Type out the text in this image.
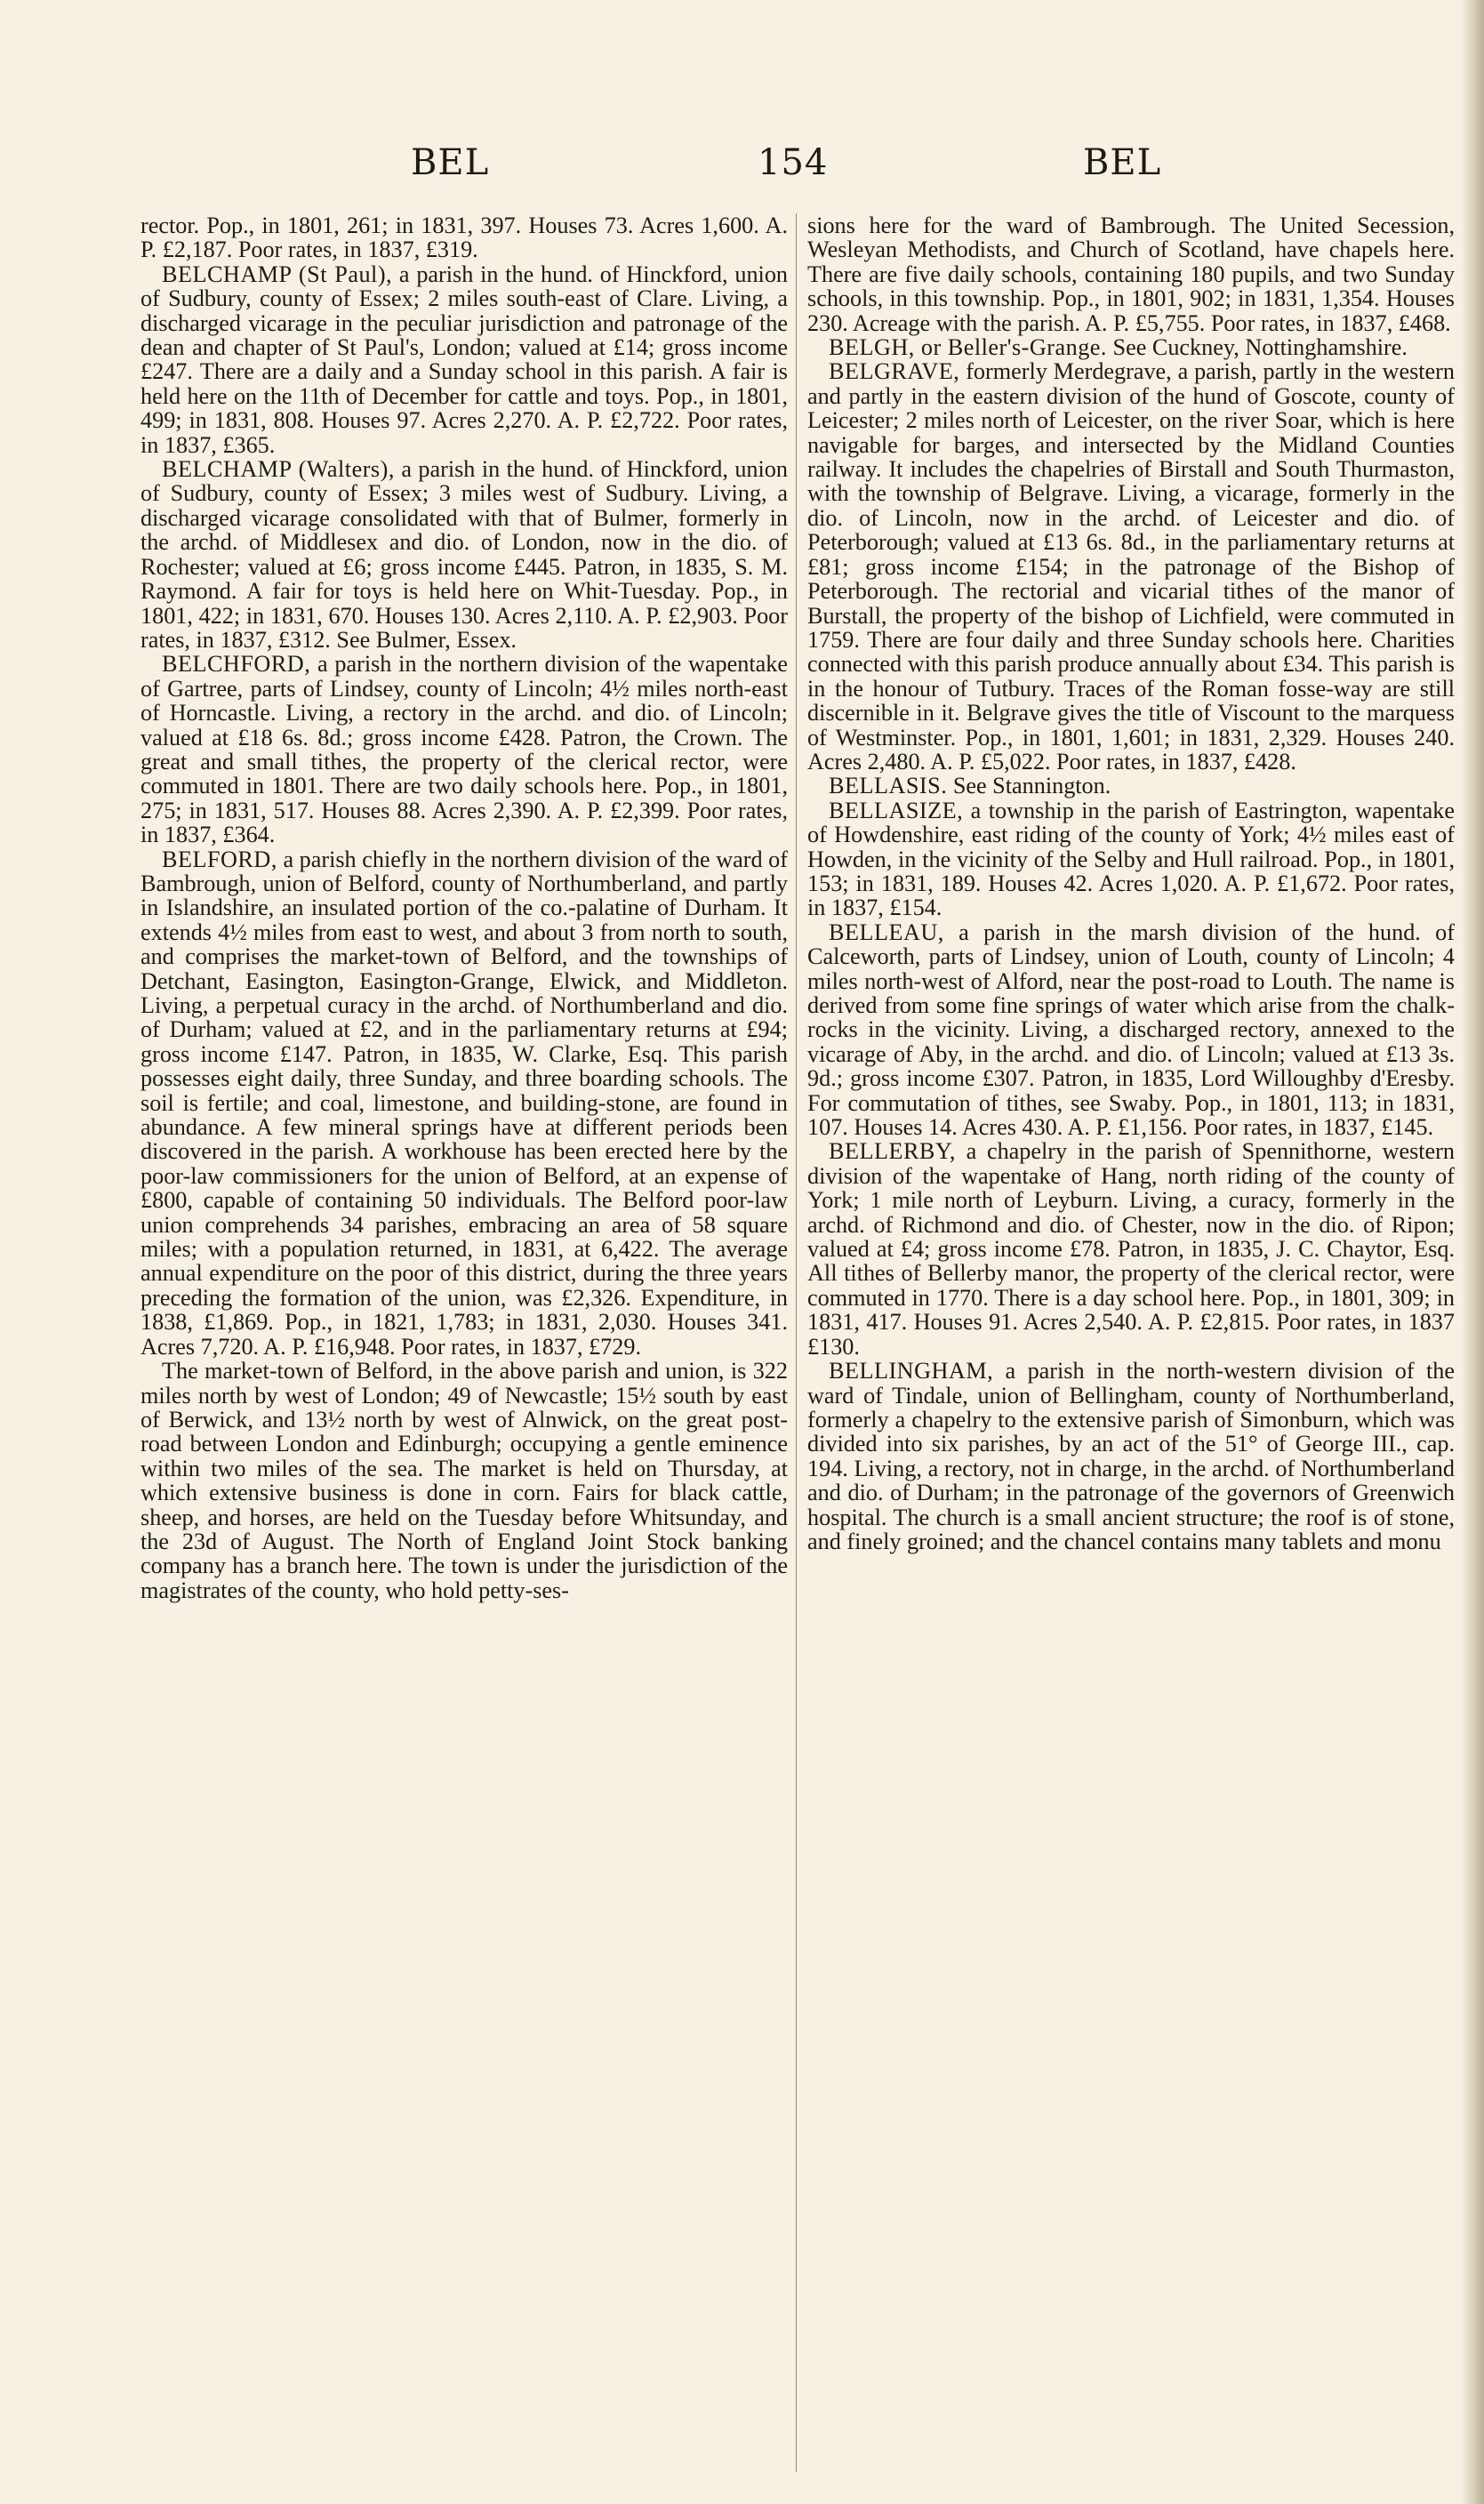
BEL	154	BEL

rector. Pop., in 1801, 261; in 1831, 397. Houses 73. Acres 1,600. A. P. £2,187. Poor rates, in 1837, £319.

BELCHAMP (St Paul), a parish in the hund. of Hinckford, union of Sudbury, county of Essex; 2 miles south-east of Clare. Living, a discharged vicarage in the peculiar jurisdiction and patronage of the dean and chapter of St Paul's, London; valued at £14; gross income £247. There are a daily and a Sunday school in this parish. A fair is held here on the 11th of December for cattle and toys. Pop., in 1801, 499; in 1831, 808. Houses 97. Acres 2,270. A. P. £2,722. Poor rates, in 1837, £365.

BELCHAMP (Walters), a parish in the hund. of Hinckford, union of Sudbury, county of Essex; 3 miles west of Sudbury. Living, a discharged vicarage consolidated with that of Bulmer, formerly in the archd. of Middlesex and dio. of London, now in the dio. of Rochester; valued at £6; gross income £445. Patron, in 1835, S. M. Raymond. A fair for toys is held here on Whit-Tuesday. Pop., in 1801, 422; in 1831, 670. Houses 130. Acres 2,110. A. P. £2,903. Poor rates, in 1837, £312. See Bulmer, Essex.

BELCHFORD, a parish in the northern division of the wapentake of Gartree, parts of Lindsey, county of Lincoln; 4½ miles north-east of Horncastle. Living, a rectory in the archd. and dio. of Lincoln; valued at £18 6s. 8d.; gross income £428. Patron, the Crown. The great and small tithes, the property of the clerical rector, were commuted in 1801. There are two daily schools here. Pop., in 1801, 275; in 1831, 517. Houses 88. Acres 2,390. A. P. £2,399. Poor rates, in 1837, £364.

BELFORD, a parish chiefly in the northern division of the ward of Bambrough, union of Belford, county of Northumberland, and partly in Islandshire, an insulated portion of the co.-palatine of Durham. It extends 4½ miles from east to west, and about 3 from north to south, and comprises the market-town of Belford, and the townships of Detchant, Easington, Easington-Grange, Elwick, and Middleton. Living, a perpetual curacy in the archd. of Northumberland and dio. of Durham; valued at £2, and in the parliamentary returns at £94; gross income £147. Patron, in 1835, W. Clarke, Esq. This parish possesses eight daily, three Sunday, and three boarding schools. The soil is fertile; and coal, limestone, and building-stone, are found in abundance. A few mineral springs have at different periods been discovered in the parish. A workhouse has been erected here by the poor-law commissioners for the union of Belford, at an expense of £800, capable of containing 50 individuals. The Belford poor-law union comprehends 34 parishes, embracing an area of 58 square miles; with a population returned, in 1831, at 6,422. The average annual expenditure on the poor of this district, during the three years preceding the formation of the union, was £2,326. Expenditure, in 1838, £1,869. Pop., in 1821, 1,783; in 1831, 2,030. Houses 341. Acres 7,720. A. P. £16,948. Poor rates, in 1837, £729.

The market-town of Belford, in the above parish and union, is 322 miles north by west of London; 49 of Newcastle; 15½ south by east of Berwick, and 13½ north by west of Alnwick, on the great post-road between London and Edinburgh; occupying a gentle eminence within two miles of the sea. The market is held on Thursday, at which extensive business is done in corn. Fairs for black cattle, sheep, and horses, are held on the Tuesday before Whitsunday, and the 23d of August. The North of England Joint Stock banking company has a branch here. The town is under the jurisdiction of the magistrates of the county, who hold petty-ses-

sions here for the ward of Bambrough. The United Secession, Wesleyan Methodists, and Church of Scotland, have chapels here. There are five daily schools, containing 180 pupils, and two Sunday schools, in this township. Pop., in 1801, 902; in 1831, 1,354. Houses 230. Acreage with the parish. A. P. £5,755. Poor rates, in 1837, £468.

BELGH, or Beller's-Grange. See Cuckney, Nottinghamshire.

BELGRAVE, formerly Merdegrave, a parish, partly in the western and partly in the eastern division of the hund of Goscote, county of Leicester; 2 miles north of Leicester, on the river Soar, which is here navigable for barges, and intersected by the Midland Counties railway. It includes the chapelries of Birstall and South Thurmaston, with the township of Belgrave. Living, a vicarage, formerly in the dio. of Lincoln, now in the archd. of Leicester and dio. of Peterborough; valued at £13 6s. 8d., in the parliamentary returns at £81; gross income £154; in the patronage of the Bishop of Peterborough. The rectorial and vicarial tithes of the manor of Burstall, the property of the bishop of Lichfield, were commuted in 1759. There are four daily and three Sunday schools here. Charities connected with this parish produce annually about £34. This parish is in the honour of Tutbury. Traces of the Roman fosse-way are still discernible in it. Belgrave gives the title of Viscount to the marquess of Westminster. Pop., in 1801, 1,601; in 1831, 2,329. Houses 240. Acres 2,480. A. P. £5,022. Poor rates, in 1837, £428.

BELLASIS. See Stannington.

BELLASIZE, a township in the parish of Eastrington, wapentake of Howdenshire, east riding of the county of York; 4½ miles east of Howden, in the vicinity of the Selby and Hull railroad. Pop., in 1801, 153; in 1831, 189. Houses 42. Acres 1,020. A. P. £1,672. Poor rates, in 1837, £154.

BELLEAU, a parish in the marsh division of the hund. of Calceworth, parts of Lindsey, union of Louth, county of Lincoln; 4 miles north-west of Alford, near the post-road to Louth. The name is derived from some fine springs of water which arise from the chalk-rocks in the vicinity. Living, a discharged rectory, annexed to the vicarage of Aby, in the archd. and dio. of Lincoln; valued at £13 3s. 9d.; gross income £307. Patron, in 1835, Lord Willoughby d'Eresby. For commutation of tithes, see Swaby. Pop., in 1801, 113; in 1831, 107. Houses 14. Acres 430. A. P. £1,156. Poor rates, in 1837, £145.

BELLERBY, a chapelry in the parish of Spennithorne, western division of the wapentake of Hang, north riding of the county of York; 1 mile north of Leyburn. Living, a curacy, formerly in the archd. of Richmond and dio. of Chester, now in the dio. of Ripon; valued at £4; gross income £78. Patron, in 1835, J. C. Chaytor, Esq. All tithes of Bellerby manor, the property of the clerical rector, were commuted in 1770. There is a day school here. Pop., in 1801, 309; in 1831, 417. Houses 91. Acres 2,540. A. P. £2,815. Poor rates, in 1837 £130.

BELLINGHAM, a parish in the north-western division of the ward of Tindale, union of Bellingham, county of Northumberland, formerly a chapelry to the extensive parish of Simonburn, which was divided into six parishes, by an act of the 51° of George III., cap. 194. Living, a rectory, not in charge, in the archd. of Northumberland and dio. of Durham; in the patronage of the governors of Greenwich hospital. The church is a small ancient structure; the roof is of stone, and finely groined; and the chancel contains many tablets and monu
